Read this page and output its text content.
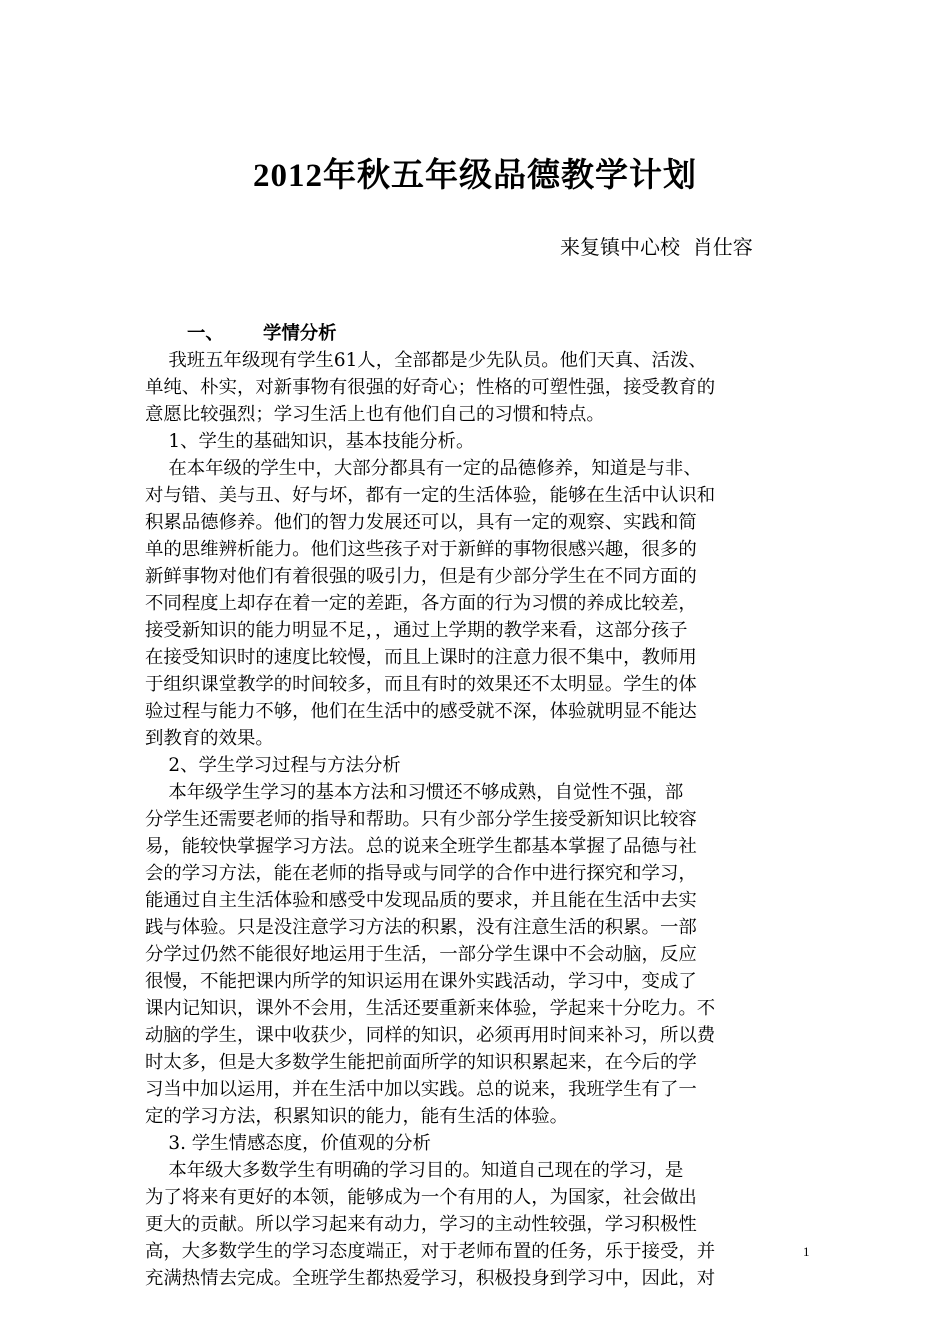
2012年秋五年级品德教学计划
来复镇中心校  肖仕容
一、 学情分析
我班五年级现有学生61人，全部都是少先队员。他们天真、活泼、
单纯、朴实，对新事物有很强的好奇心；性格的可塑性强，接受教育的
意愿比较强烈；学习生活上也有他们自己的习惯和特点。
1、学生的基础知识，基本技能分析。
在本年级的学生中，大部分都具有一定的品德修养，知道是与非、
对与错、美与丑、好与坏，都有一定的生活体验，能够在生活中认识和
积累品德修养。他们的智力发展还可以，具有一定的观察、实践和简
单的思维辨析能力。他们这些孩子对于新鲜的事物很感兴趣，很多的
新鲜事物对他们有着很强的吸引力，但是有少部分学生在不同方面的
不同程度上却存在着一定的差距，各方面的行为习惯的养成比较差，
接受新知识的能力明显不足，，通过上学期的教学来看，这部分孩子
在接受知识时的速度比较慢，而且上课时的注意力很不集中，教师用
于组织课堂教学的时间较多，而且有时的效果还不太明显。学生的体
验过程与能力不够，他们在生活中的感受就不深，体验就明显不能达
到教育的效果。
2、学生学习过程与方法分析
本年级学生学习的基本方法和习惯还不够成熟，自觉性不强，部
分学生还需要老师的指导和帮助。只有少部分学生接受新知识比较容
易，能较快掌握学习方法。总的说来全班学生都基本掌握了品德与社
会的学习方法，能在老师的指导或与同学的合作中进行探究和学习，
能通过自主生活体验和感受中发现品质的要求，并且能在生活中去实
践与体验。只是没注意学习方法的积累，没有注意生活的积累。一部
分学过仍然不能很好地运用于生活，一部分学生课中不会动脑，反应
很慢，不能把课内所学的知识运用在课外实践活动，学习中，变成了
课内记知识，课外不会用，生活还要重新来体验，学起来十分吃力。不
动脑的学生，课中收获少，同样的知识，必须再用时间来补习，所以费
时太多，但是大多数学生能把前面所学的知识积累起来，在今后的学
习当中加以运用，并在生活中加以实践。总的说来，我班学生有了一
定的学习方法，积累知识的能力，能有生活的体验。
3. 学生情感态度，价值观的分析
本年级大多数学生有明确的学习目的。知道自己现在的学习，是
为了将来有更好的本领，能够成为一个有用的人，为国家，社会做出
更大的贡献。所以学习起来有动力，学习的主动性较强，学习积极性
高，大多数学生的学习态度端正，对于老师布置的任务，乐于接受，并
充满热情去完成。全班学生都热爱学习，积极投身到学习中，因此，对
1
